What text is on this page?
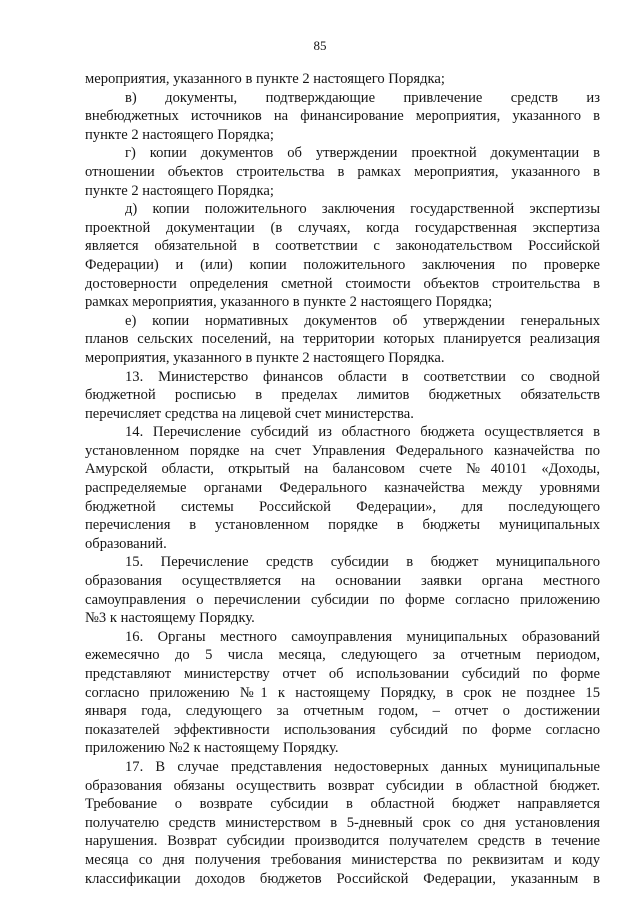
85
мероприятия, указанного в пункте 2 настоящего Порядка;
в) документы, подтверждающие привлечение средств из
внебюджетных источников на финансирование мероприятия, указанного в
пункте 2 настоящего Порядка;
г) копии документов об утверждении проектной документации в
отношении объектов строительства в рамках мероприятия, указанного в
пункте 2 настоящего Порядка;
д) копии положительного заключения государственной экспертизы
проектной документации (в случаях, когда государственная экспертиза
является обязательной в соответствии с законодательством Российской
Федерации) и (или) копии положительного заключения по проверке
достоверности определения сметной стоимости объектов строительства в
рамках мероприятия, указанного в пункте 2 настоящего Порядка;
е) копии нормативных документов об утверждении генеральных
планов сельских поселений, на территории которых планируется реализация
мероприятия, указанного в пункте 2 настоящего Порядка.
13. Министерство финансов области в соответствии со сводной
бюджетной росписью в пределах лимитов бюджетных обязательств
перечисляет средства на лицевой счет министерства.
14. Перечисление субсидий из областного бюджета осуществляется в
установленном порядке на счет Управления Федерального казначейства по
Амурской области, открытый на балансовом счете №40101 «Доходы,
распределяемые органами Федерального казначейства между уровнями
бюджетной системы Российской Федерации», для последующего
перечисления в установленном порядке в бюджеты муниципальных
образований.
15. Перечисление средств субсидии в бюджет муниципального
образования осуществляется на основании заявки органа местного
самоуправления о перечислении субсидии по форме согласно приложению
№3 к настоящему Порядку.
16. Органы местного самоуправления муниципальных образований
ежемесячно до 5 числа месяца, следующего за отчетным периодом,
представляют министерству отчет об использовании субсидий по форме
согласно приложению №1 к настоящему Порядку, в срок не позднее 15
января года, следующего за отчетным годом, – отчет о достижении
показателей эффективности использования субсидий по форме согласно
приложению №2 к настоящему Порядку.
17. В случае представления недостоверных данных муниципальные
образования обязаны осуществить возврат субсидии в областной бюджет.
Требование о возврате субсидии в областной бюджет направляется
получателю средств министерством в 5-дневный срок со дня установления
нарушения. Возврат субсидии производится получателем средств в течение
месяца со дня получения требования министерства по реквизитам и коду
классификации доходов бюджетов Российской Федерации, указанным в
